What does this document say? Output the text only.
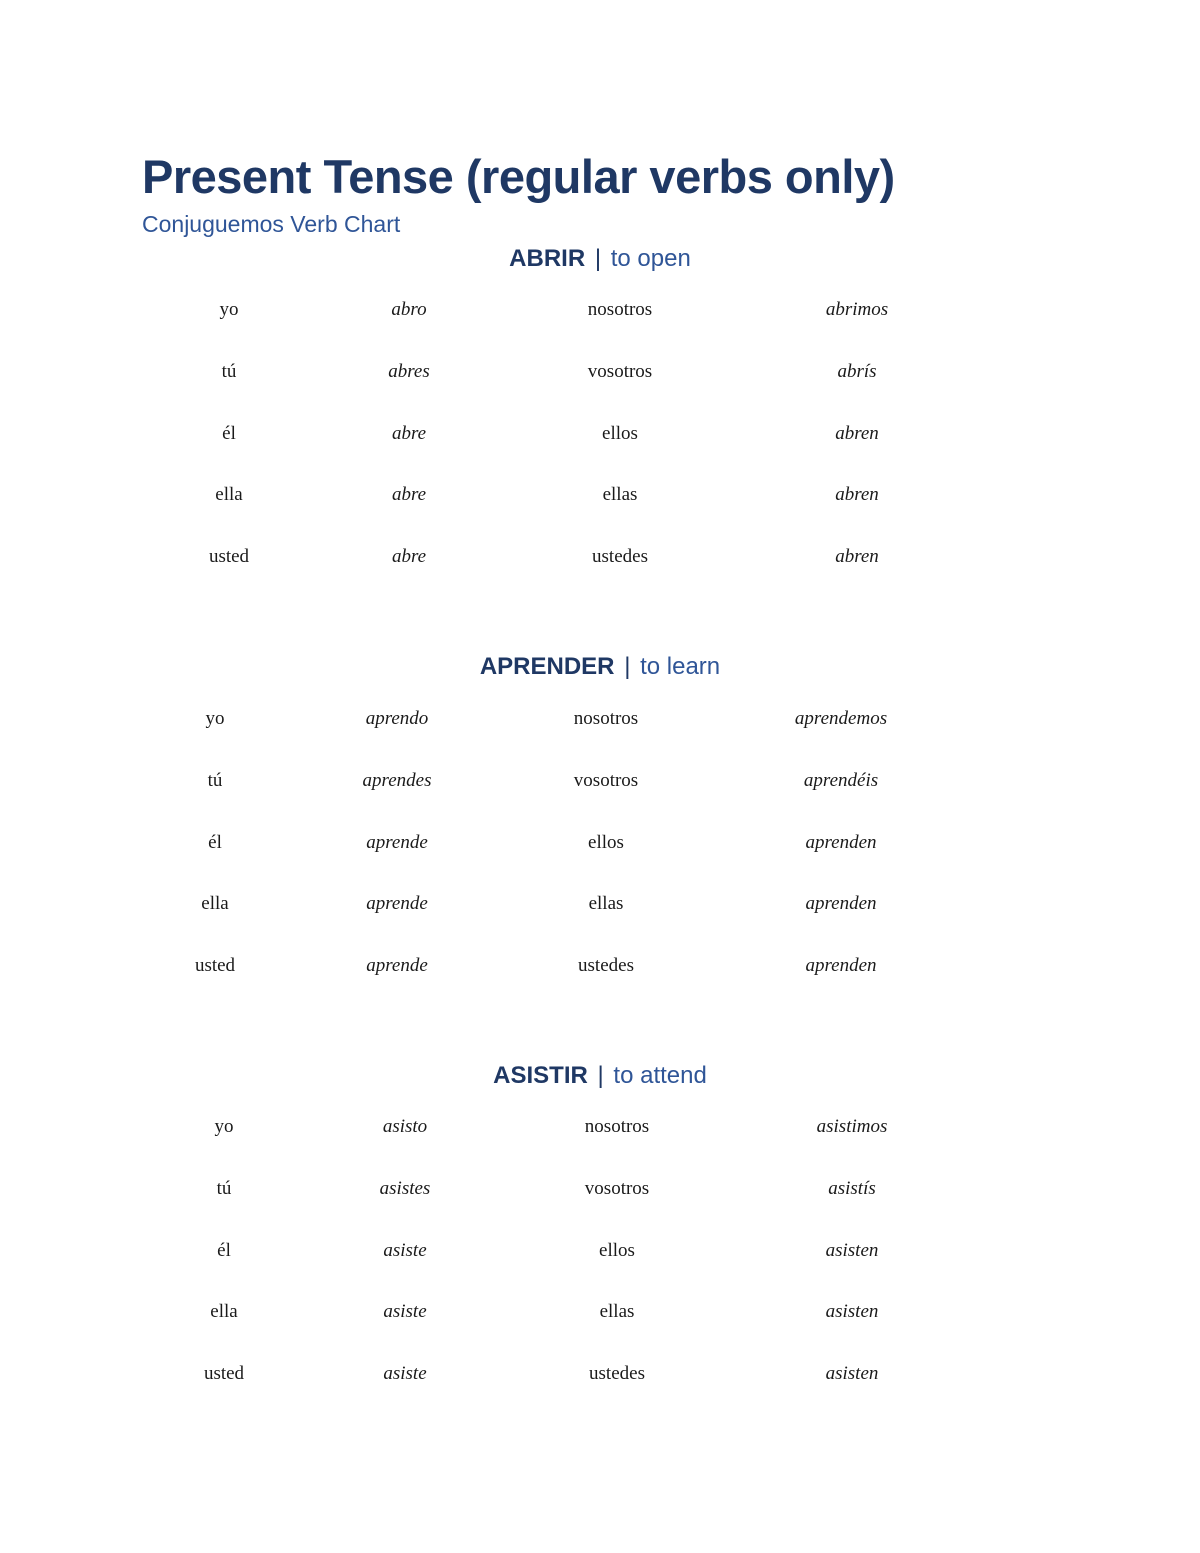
Present Tense (regular verbs only)
Conjuguemos Verb Chart
ABRIR | to open
yo	abro	nosotros	abrimos
tú	abres	vosotros	abrís
él	abre	ellos	abren
ella	abre	ellas	abren
usted	abre	ustedes	abren
APRENDER | to learn
yo	aprendo	nosotros	aprendemos
tú	aprendes	vosotros	aprendéis
él	aprende	ellos	aprenden
ella	aprende	ellas	aprenden
usted	aprende	ustedes	aprenden
ASISTIR | to attend
yo	asisto	nosotros	asistimos
tú	asistes	vosotros	asistís
él	asiste	ellos	asisten
ella	asiste	ellas	asisten
usted	asiste	ustedes	asisten
